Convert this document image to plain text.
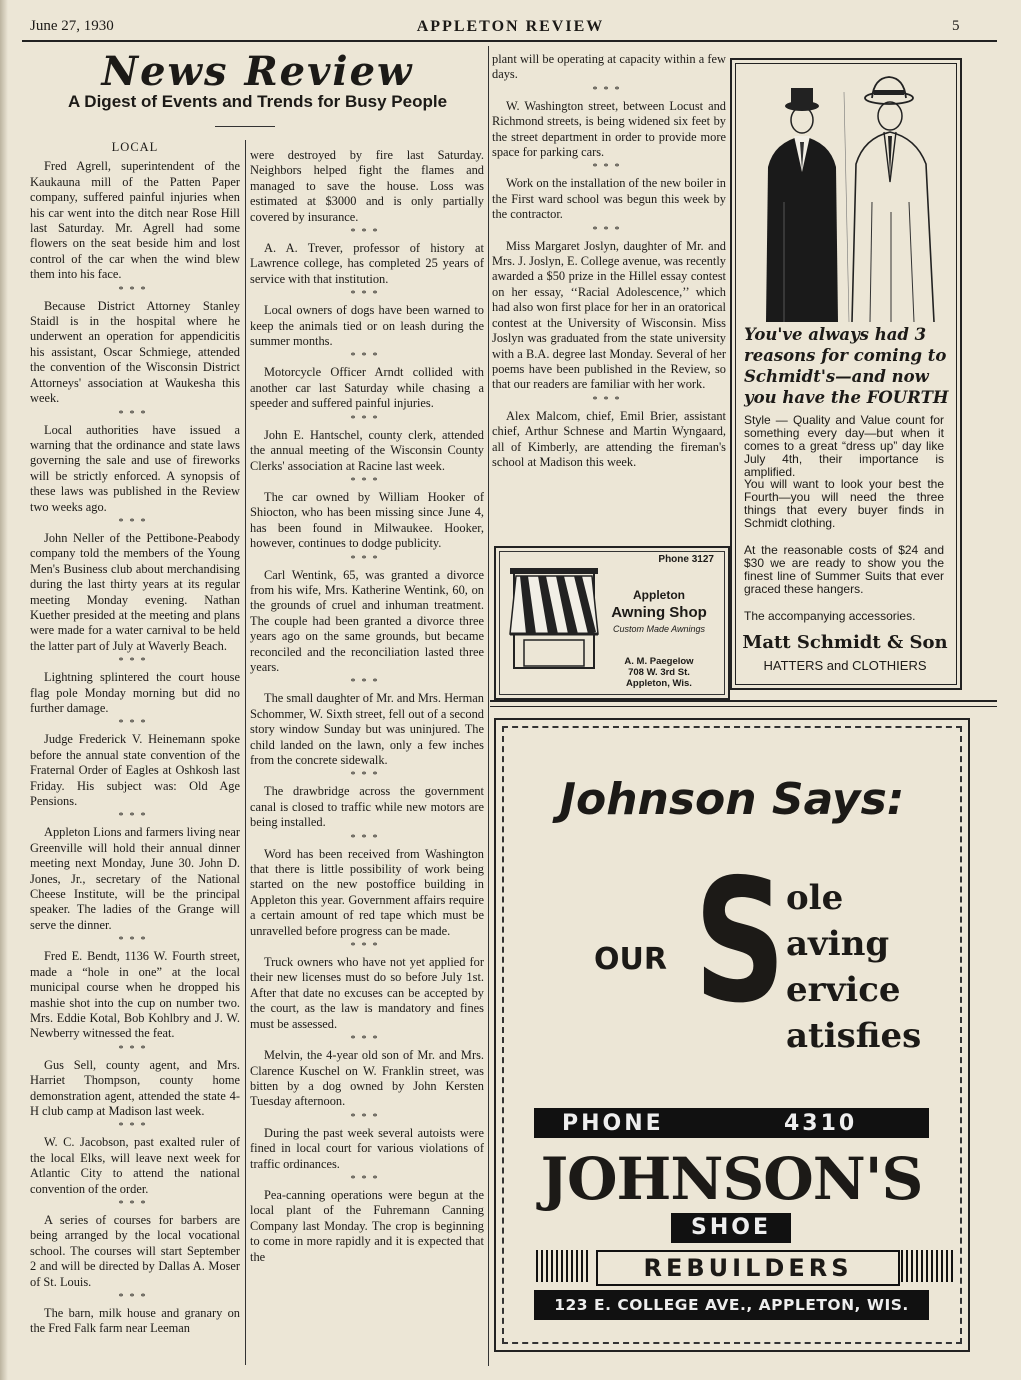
June 27, 1930	APPLETON REVIEW	5
News Review
A Digest of Events and Trends for Busy People
LOCAL

Fred Agrell, superintendent of the Kaukauna mill of the Patten Paper company, suffered painful injuries when his car went into the ditch near Rose Hill last Saturday. Mr. Agrell had some flowers on the seat beside him and lost control of the car when the wind blew them into his face.

***

Because District Attorney Stanley Staidl is in the hospital where he underwent an operation for appendicitis his assistant, Oscar Schmiege, attended the convention of the Wisconsin District Attorneys' association at Waukesha this week.

***

Local authorities have issued a warning that the ordinance and state laws governing the sale and use of fireworks will be strictly enforced. A synopsis of these laws was published in the Review two weeks ago.

***

John Neller of the Pettibone-Peabody company told the members of the Young Men's Business club about merchandising during the last thirty years at its regular meeting Monday evening. Nathan Kuether presided at the meeting and plans were made for a water carnival to be held the latter part of July at Waverly Beach.

***

Lightning splintered the court house flag pole Monday morning but did no further damage.

***

Judge Frederick V. Heinemann spoke before the annual state convention of the Fraternal Order of Eagles at Oshkosh last Friday. His subject was: Old Age Pensions.

***

Appleton Lions and farmers living near Greenville will hold their annual dinner meeting next Monday, June 30. John D. Jones, Jr., secretary of the National Cheese Institute, will be the principal speaker. The ladies of the Grange will serve the dinner.

***

Fred E. Bendt, 1136 W. Fourth street, made a “hole in one” at the local municipal course when he dropped his mashie shot into the cup on number two. Mrs. Eddie Kotal, Bob Kohlbry and J. W. Newberry witnessed the feat.

***

Gus Sell, county agent, and Mrs. Harriet Thompson, county home demonstration agent, attended the state 4-H club camp at Madison last week.

***

W. C. Jacobson, past exalted ruler of the local Elks, will leave next week for Atlantic City to attend the national convention of the order.

***

A series of courses for barbers are being arranged by the local vocational school. The courses will start September 2 and will be directed by Dallas A. Moser of St. Louis.

***

The barn, milk house and granary on the Fred Falk farm near Leeman

were destroyed by fire last Saturday. Neighbors helped fight the flames and managed to save the house. Loss was estimated at $3000 and is only partially covered by insurance.

***

A. A. Trever, professor of history at Lawrence college, has completed 25 years of service with that institution.

***

Local owners of dogs have been warned to keep the animals tied or on leash during the summer months.

***

Motorcycle Officer Arndt collided with another car last Saturday while chasing a speeder and suffered painful injuries.

***

John E. Hantschel, county clerk, attended the annual meeting of the Wisconsin County Clerks' association at Racine last week.

***

The car owned by William Hooker of Shiocton, who has been missing since June 4, has been found in Milwaukee. Hooker, however, continues to dodge publicity.

***

Carl Wentink, 65, was granted a divorce from his wife, Mrs. Katherine Wentink, 60, on the grounds of cruel and inhuman treatment. The couple had been granted a divorce three years ago on the same grounds, but became reconciled and the reconciliation lasted three years.

***

The small daughter of Mr. and Mrs. Herman Schommer, W. Sixth street, fell out of a second story window Sunday but was uninjured. The child landed on the lawn, only a few inches from the concrete sidewalk.

***

The drawbridge across the government canal is closed to traffic while new motors are being installed.

***

Word has been received from Washington that there is little possibility of work being started on the new postoffice building in Appleton this year. Government affairs require a certain amount of red tape which must be unravelled before progress can be made.

***

Truck owners who have not yet applied for their new licenses must do so before July 1st. After that date no excuses can be accepted by the court, as the law is mandatory and fines must be assessed.

***

Melvin, the 4-year old son of Mr. and Mrs. Clarence Kuschel on W. Franklin street, was bitten by a dog owned by John Kersten Tuesday afternoon.

***

During the past week several autoists were fined in local court for various violations of traffic ordinances.

***

Pea-canning operations were begun at the local plant of the Fuhremann Canning Company last Monday. The crop is beginning to come in more rapidly and it is expected that the

plant will be operating at capacity within a few days.

***

W. Washington street, between Locust and Richmond streets, is being widened six feet by the street department in order to provide more space for parking cars.

***

Work on the installation of the new boiler in the First ward school was begun this week by the contractor.

***

Miss Margaret Joslyn, daughter of Mr. and Mrs. J. Joslyn, E. College avenue, was recently awarded a $50 prize in the Hillel essay contest on her essay, ‘‘Racial Adolescence,’’ which had also won first place for her in an oratorical contest at the University of Wisconsin. Miss Joslyn was graduated from the state university with a B.A. degree last Monday. Several of her poems have been published in the Review, so that our readers are familiar with her work.

***

Alex Malcom, chief, Emil Brier, assistant chief, Arthur Schnese and Martin Wyngaard, all of Kimberly, are attending the fireman's school at Madison this week.

You've always had 3 reasons for coming to Schmidt's—and now you have the FOURTH
Style — Quality and Value count for something every day—but when it comes to a great “dress up” day like July 4th, their importance is amplified.
You will want to look your best the Fourth—you will need the three things that every buyer finds in Schmidt clothing.
At the reasonable costs of $24 and $30 we are ready to show you the finest line of Summer Suits that ever graced these hangers.
The accompanying accessories.
Matt Schmidt & Son
HATTERS and CLOTHIERS
Phone 3127
Appleton
Awning Shop
Custom Made Awnings
A. M. Paegelow
708 W. 3rd St.
Appleton, Wis.
Johnson Says:
OUR S ole
aving
ervice
atisfies
PHONE	4310
JOHNSON'S
SHOE
REBUILDERS
123 E. COLLEGE AVE., APPLETON, WIS.
